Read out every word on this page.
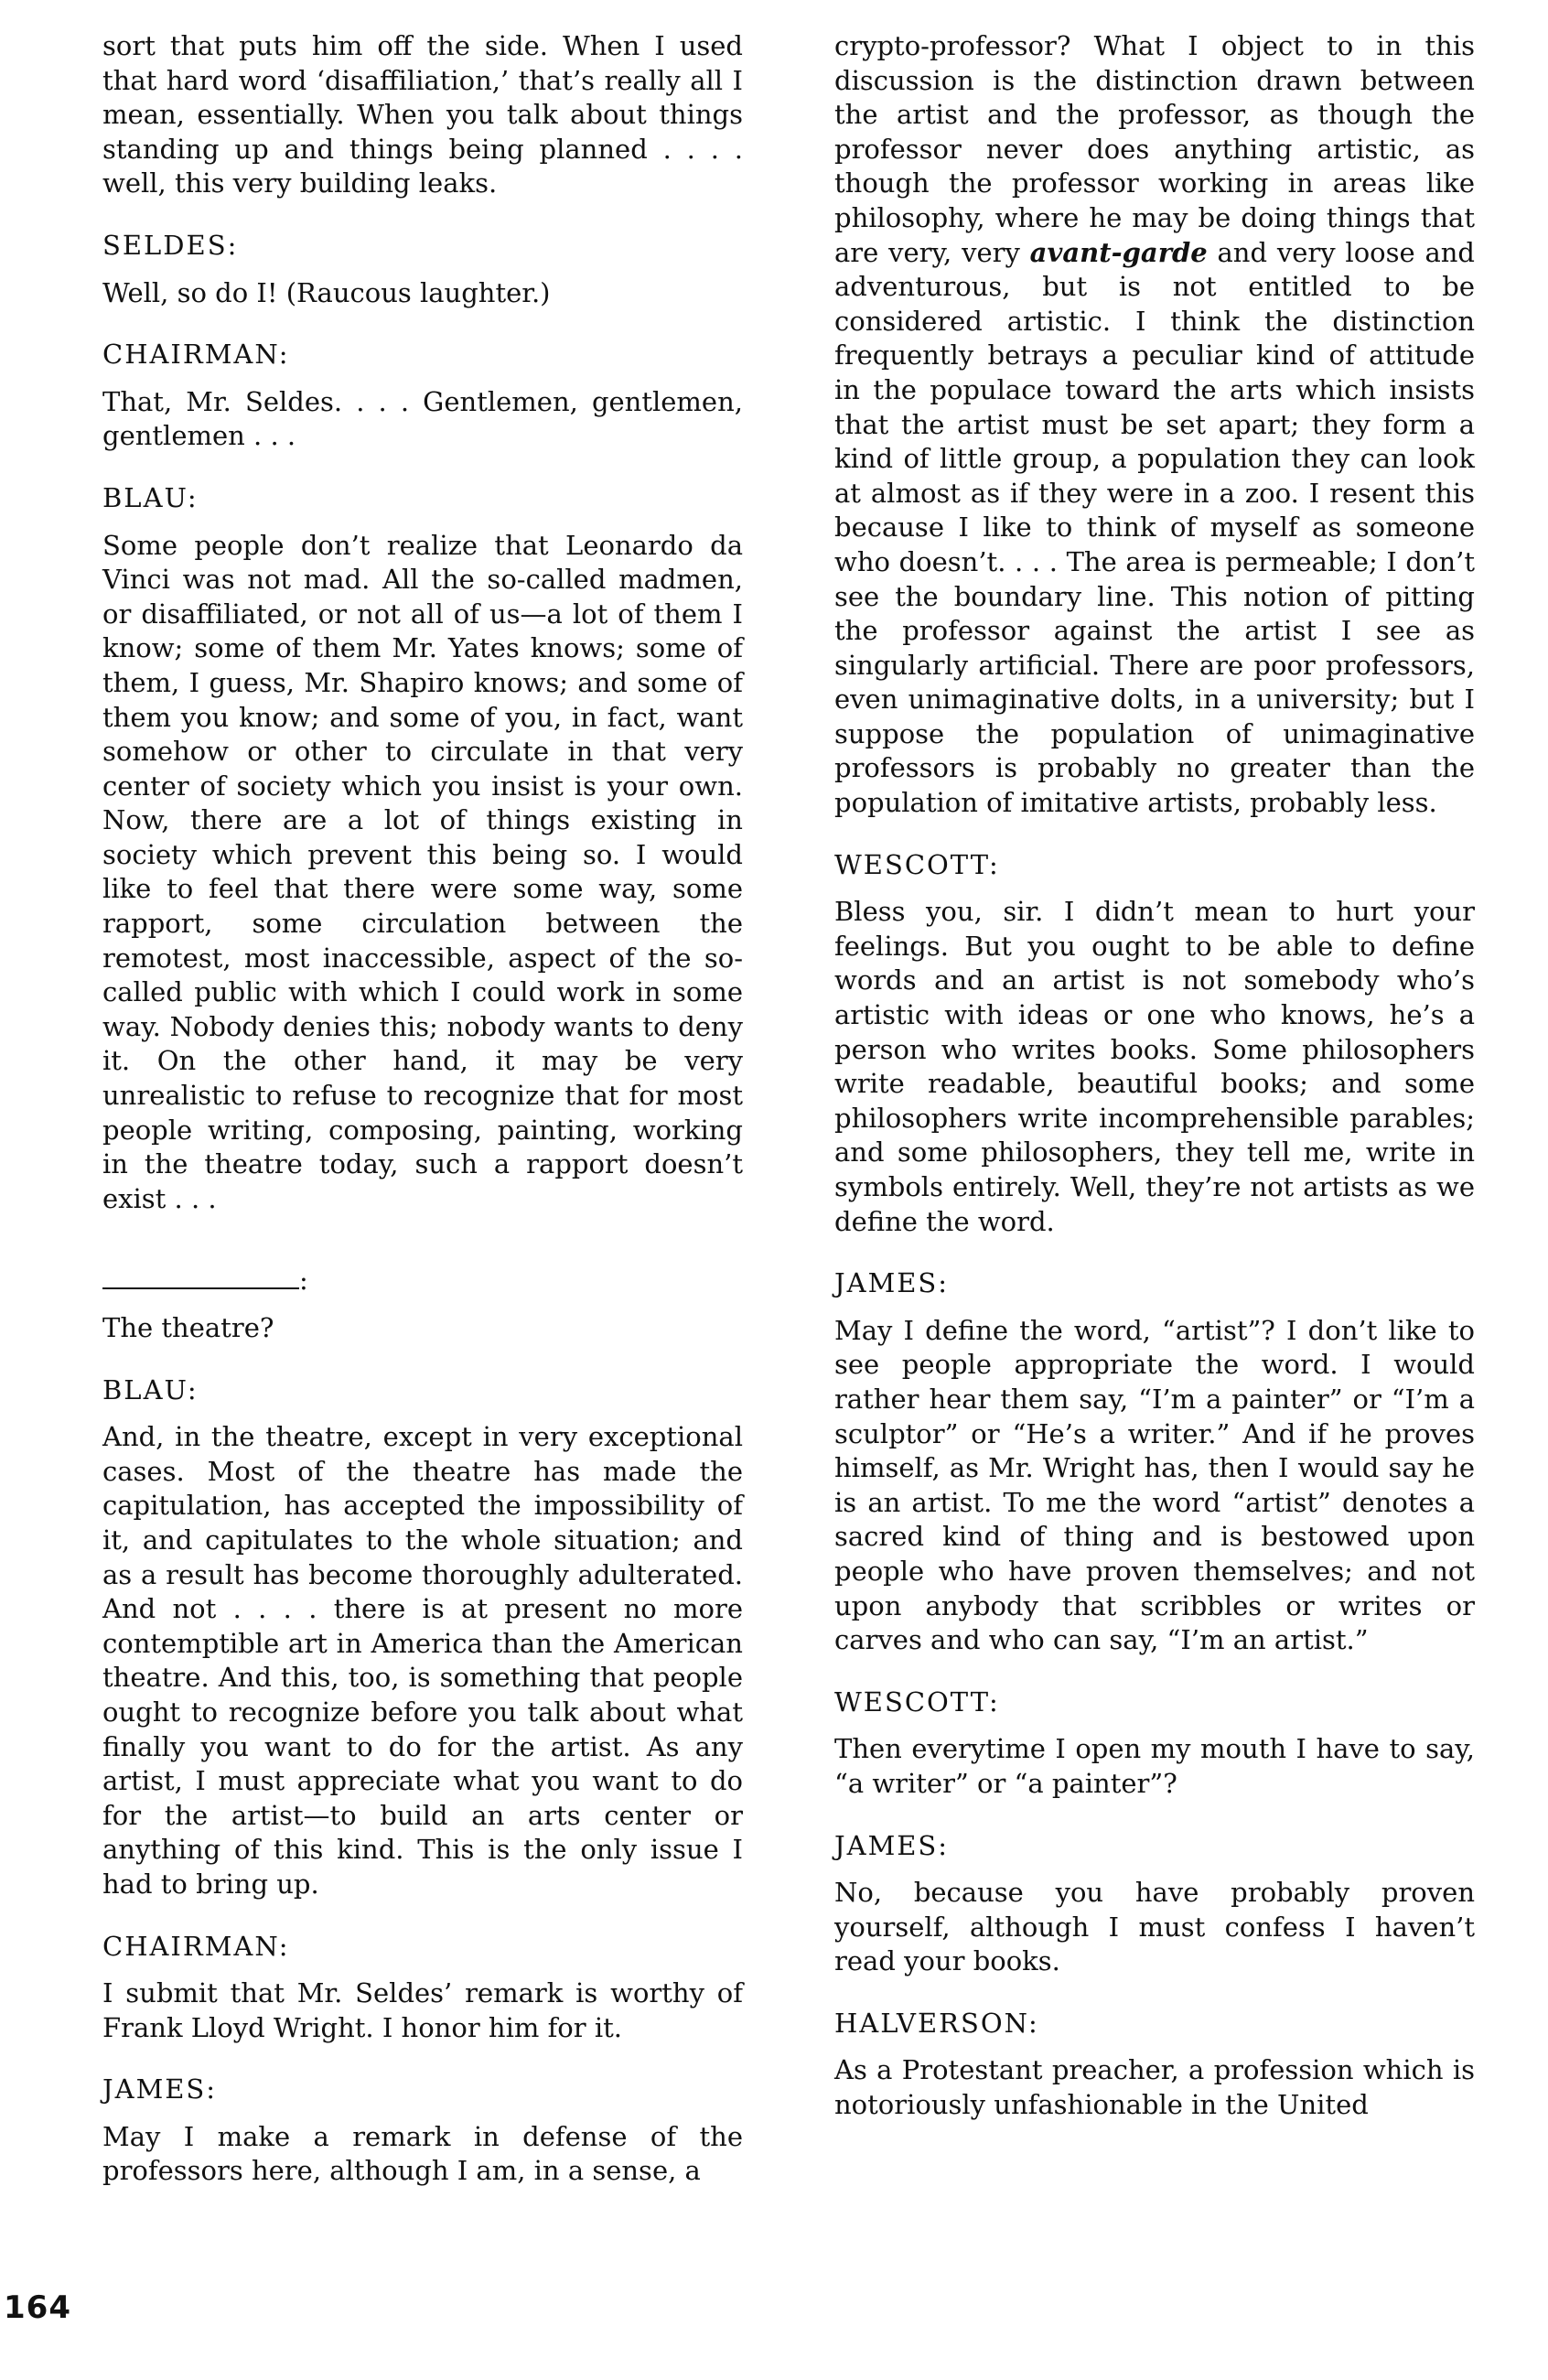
sort that puts him off the side. When I used that hard word ‘disaffiliation,’ that’s really all I mean, essentially. When you talk about things standing up and things being planned . . . . well, this very building leaks.

SELDES:

Well, so do I! (Raucous laughter.)

CHAIRMAN:

That, Mr. Seldes. . . . Gentlemen, gentlemen, gentlemen . . .

BLAU:

Some people don’t realize that Leonardo da Vinci was not mad. All the so-called madmen, or disaffiliated, or not all of us—a lot of them I know; some of them Mr. Yates knows; some of them, I guess, Mr. Shapiro knows; and some of them you know; and some of you, in fact, want somehow or other to circulate in that very center of society which you insist is your own. Now, there are a lot of things existing in society which prevent this being so. I would like to feel that there were some way, some rapport, some circulation between the remotest, most inaccessible, aspect of the so-called public with which I could work in some way. Nobody denies this; nobody wants to deny it. On the other hand, it may be very unrealistic to refuse to recognize that for most people writing, composing, painting, working in the theatre today, such a rapport doesn’t exist . . .

:

The theatre?

BLAU:

And, in the theatre, except in very exceptional cases. Most of the theatre has made the capitulation, has accepted the impossibility of it, and capitulates to the whole situation; and as a result has become thoroughly adulterated. And not . . . . there is at present no more contemptible art in America than the American theatre. And this, too, is something that people ought to recognize before you talk about what finally you want to do for the artist. As any artist, I must appreciate what you want to do for the artist—to build an arts center or anything of this kind. This is the only issue I had to bring up.

CHAIRMAN:

I submit that Mr. Seldes’ remark is worthy of Frank Lloyd Wright. I honor him for it.

JAMES:

May I make a remark in defense of the professors here, although I am, in a sense, a

crypto-professor? What I object to in this discussion is the distinction drawn between the artist and the professor, as though the professor never does anything artistic, as though the professor working in areas like philosophy, where he may be doing things that are very, very avant-garde and very loose and adventurous, but is not entitled to be considered artistic. I think the distinction frequently betrays a peculiar kind of attitude in the populace toward the arts which insists that the artist must be set apart; they form a kind of little group, a population they can look at almost as if they were in a zoo. I resent this because I like to think of myself as someone who doesn’t. . . . The area is permeable; I don’t see the boundary line. This notion of pitting the professor against the artist I see as singularly artificial. There are poor professors, even unimaginative dolts, in a university; but I suppose the population of unimaginative professors is probably no greater than the population of imitative artists, probably less.

WESCOTT:

Bless you, sir. I didn’t mean to hurt your feelings. But you ought to be able to define words and an artist is not somebody who’s artistic with ideas or one who knows, he’s a person who writes books. Some philosophers write readable, beautiful books; and some philosophers write incomprehensible parables; and some philosophers, they tell me, write in symbols entirely. Well, they’re not artists as we define the word.

JAMES:

May I define the word, “artist”? I don’t like to see people appropriate the word. I would rather hear them say, “I’m a painter” or “I’m a sculptor” or “He’s a writer.” And if he proves himself, as Mr. Wright has, then I would say he is an artist. To me the word “artist” denotes a sacred kind of thing and is bestowed upon people who have proven themselves; and not upon anybody that scribbles or writes or carves and who can say, “I’m an artist.”

WESCOTT:

Then everytime I open my mouth I have to say, “a writer” or “a painter”?

JAMES:

No, because you have probably proven yourself, although I must confess I haven’t read your books.

HALVERSON:

As a Protestant preacher, a profession which is notoriously unfashionable in the United

164
